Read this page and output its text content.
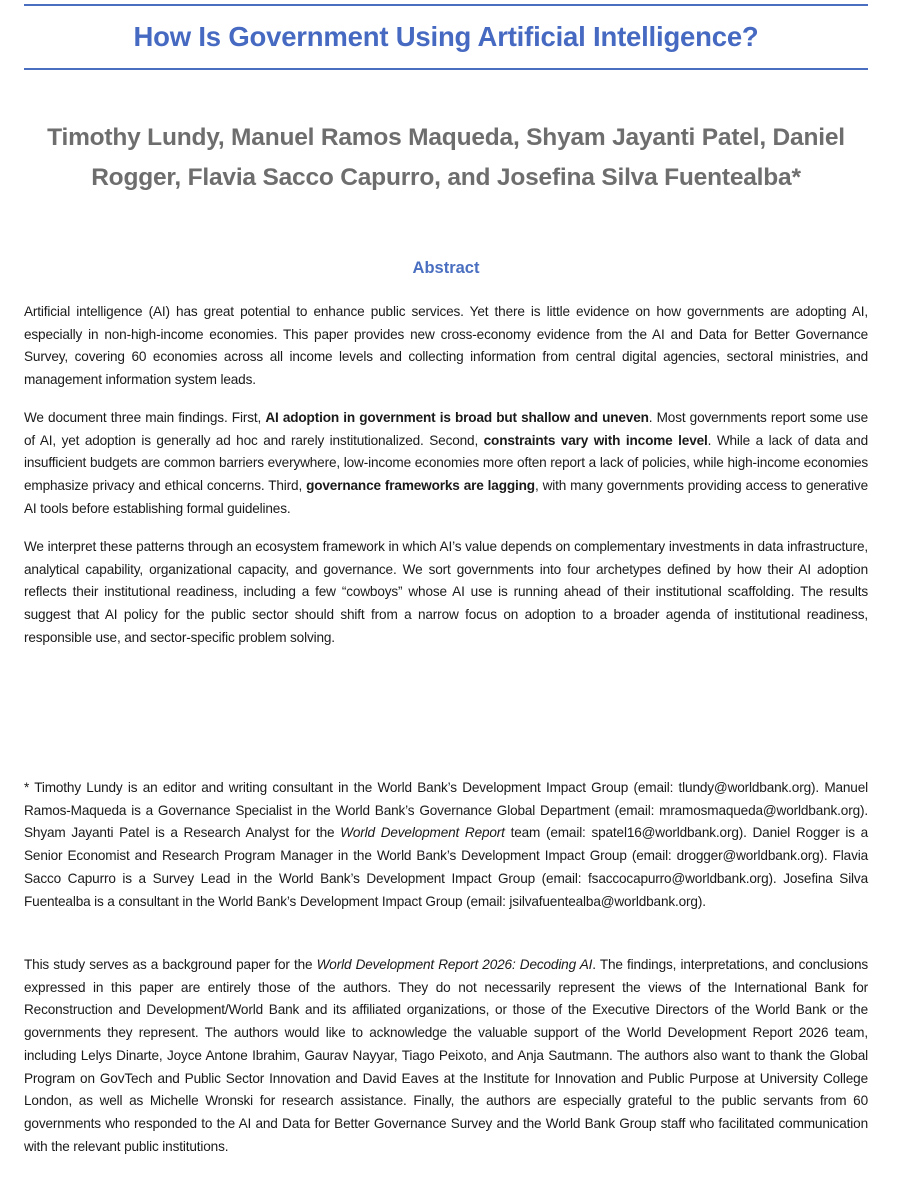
How Is Government Using Artificial Intelligence?

Timothy Lundy, Manuel Ramos Maqueda, Shyam Jayanti Patel, Daniel Rogger, Flavia Sacco Capurro, and Josefina Silva Fuentealba*

Abstract

Artificial intelligence (AI) has great potential to enhance public services. Yet there is little evidence on how governments are adopting AI, especially in non-high-income economies. This paper provides new cross-economy evidence from the AI and Data for Better Governance Survey, covering 60 economies across all income levels and collecting information from central digital agencies, sectoral ministries, and management information system leads.

We document three main findings. First, AI adoption in government is broad but shallow and uneven. Most governments report some use of AI, yet adoption is generally ad hoc and rarely institutionalized. Second, constraints vary with income level. While a lack of data and insufficient budgets are common barriers everywhere, low-income economies more often report a lack of policies, while high-income economies emphasize privacy and ethical concerns. Third, governance frameworks are lagging, with many governments providing access to generative AI tools before establishing formal guidelines.

We interpret these patterns through an ecosystem framework in which AI’s value depends on complementary investments in data infrastructure, analytical capability, organizational capacity, and governance. We sort governments into four archetypes defined by how their AI adoption reflects their institutional readiness, including a few “cowboys” whose AI use is running ahead of their institutional scaffolding. The results suggest that AI policy for the public sector should shift from a narrow focus on adoption to a broader agenda of institutional readiness, responsible use, and sector-specific problem solving.

* Timothy Lundy is an editor and writing consultant in the World Bank’s Development Impact Group (email: tlundy@worldbank.org). Manuel Ramos-Maqueda is a Governance Specialist in the World Bank’s Governance Global Department (email: mramosmaqueda@worldbank.org). Shyam Jayanti Patel is a Research Analyst for the World Development Report team (email: spatel16@worldbank.org). Daniel Rogger is a Senior Economist and Research Program Manager in the World Bank’s Development Impact Group (email: drogger@worldbank.org). Flavia Sacco Capurro is a Survey Lead in the World Bank’s Development Impact Group (email: fsaccocapurro@worldbank.org). Josefina Silva Fuentealba is a consultant in the World Bank’s Development Impact Group (email: jsilvafuentealba@worldbank.org).

This study serves as a background paper for the World Development Report 2026: Decoding AI. The findings, interpretations, and conclusions expressed in this paper are entirely those of the authors. They do not necessarily represent the views of the International Bank for Reconstruction and Development/World Bank and its affiliated organizations, or those of the Executive Directors of the World Bank or the governments they represent. The authors would like to acknowledge the valuable support of the World Development Report 2026 team, including Lelys Dinarte, Joyce Antone Ibrahim, Gaurav Nayyar, Tiago Peixoto, and Anja Sautmann. The authors also want to thank the Global Program on GovTech and Public Sector Innovation and David Eaves at the Institute for Innovation and Public Purpose at University College London, as well as Michelle Wronski for research assistance. Finally, the authors are especially grateful to the public servants from 60 governments who responded to the AI and Data for Better Governance Survey and the World Bank Group staff who facilitated communication with the relevant public institutions.
